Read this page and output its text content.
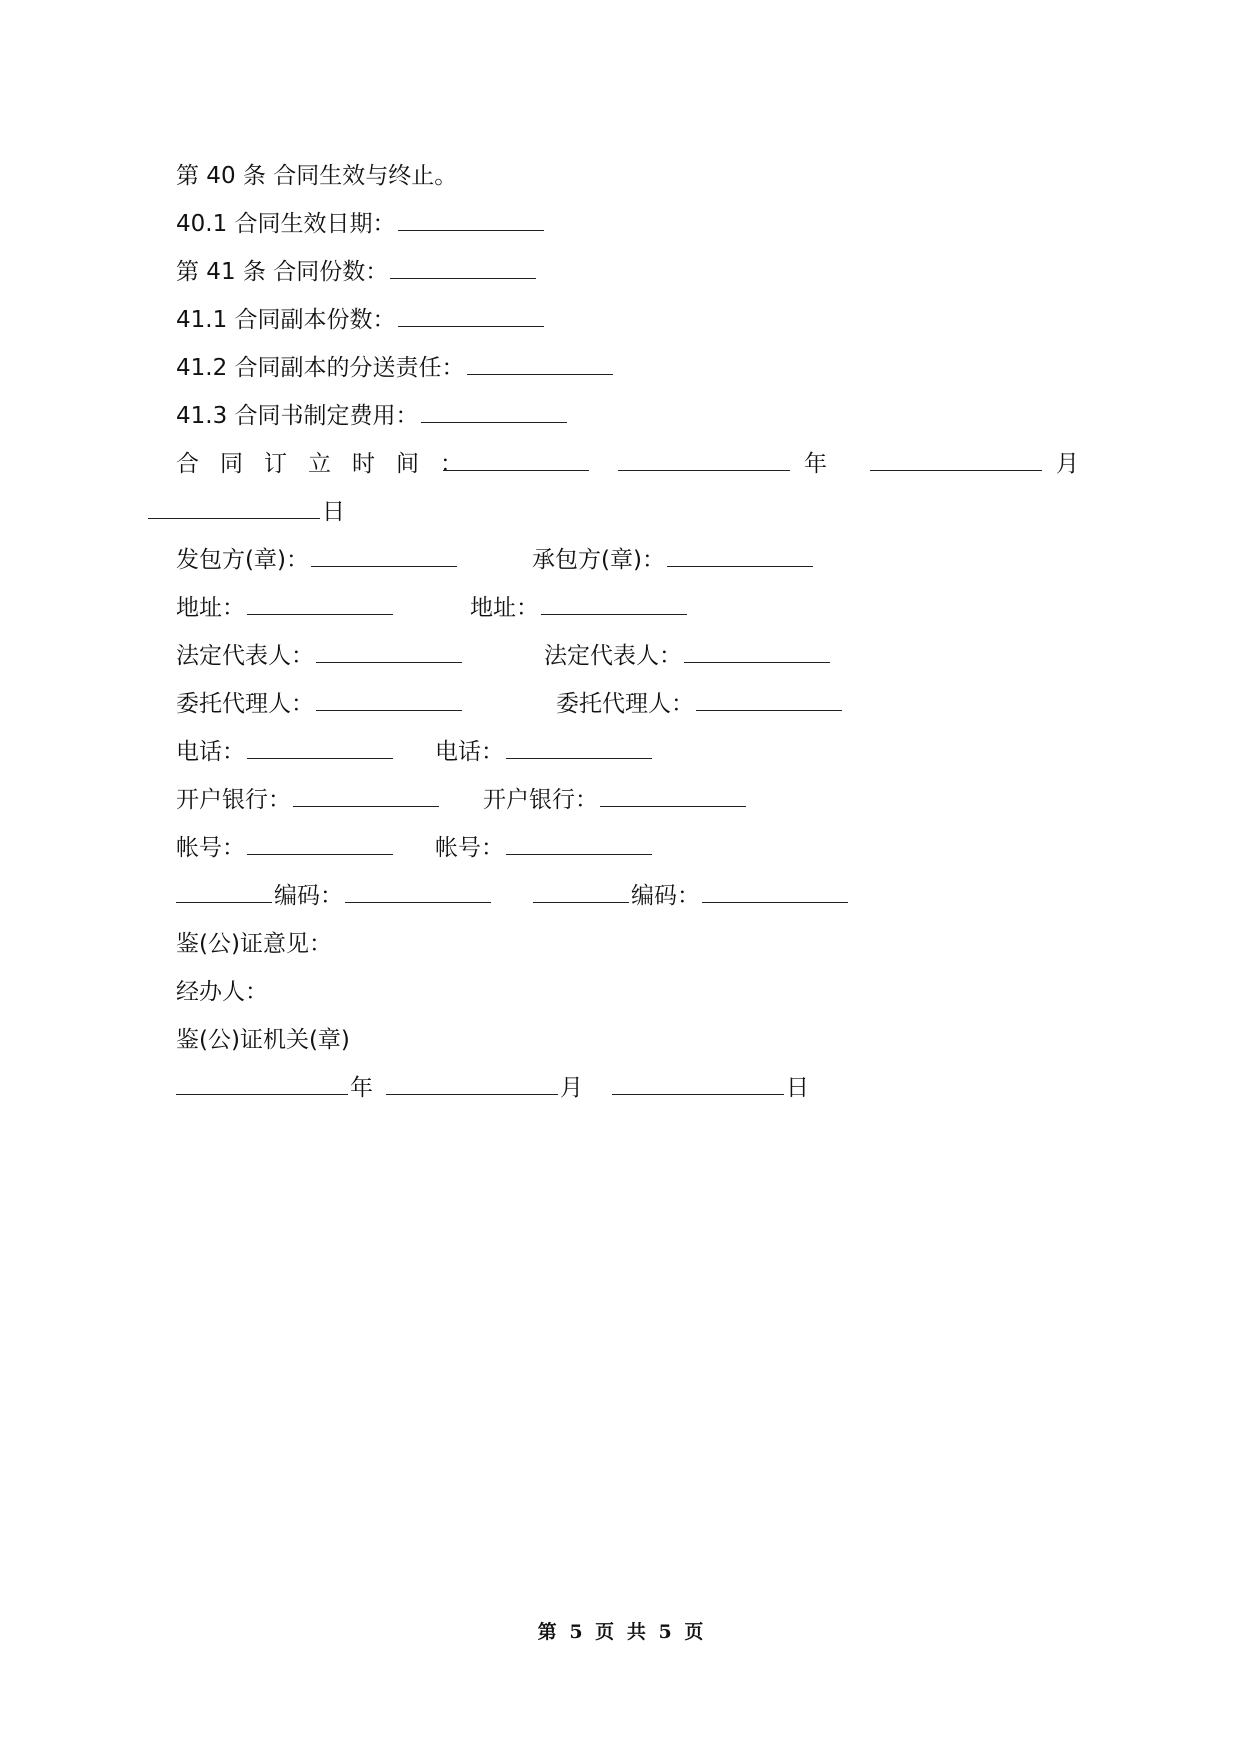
第 40 条 合同生效与终止。
40.1 合同生效日期：
第 41 条 合同份数：
41.1 合同副本份数：
41.2 合同副本的分送责任：
41.3 合同书制定费用：
合同订立时间：	年	月
日
发包方(章)：	承包方(章)：
地址：	地址：
法定代表人：	法定代表人：
委托代理人：	委托代理人：
电话：	电话：
开户银行：	开户银行：
帐号：	帐号：
编码：	编码：
鉴(公)证意见：
经办人：
鉴(公)证机关(章)
年	月	日
第 5 页 共 5 页
